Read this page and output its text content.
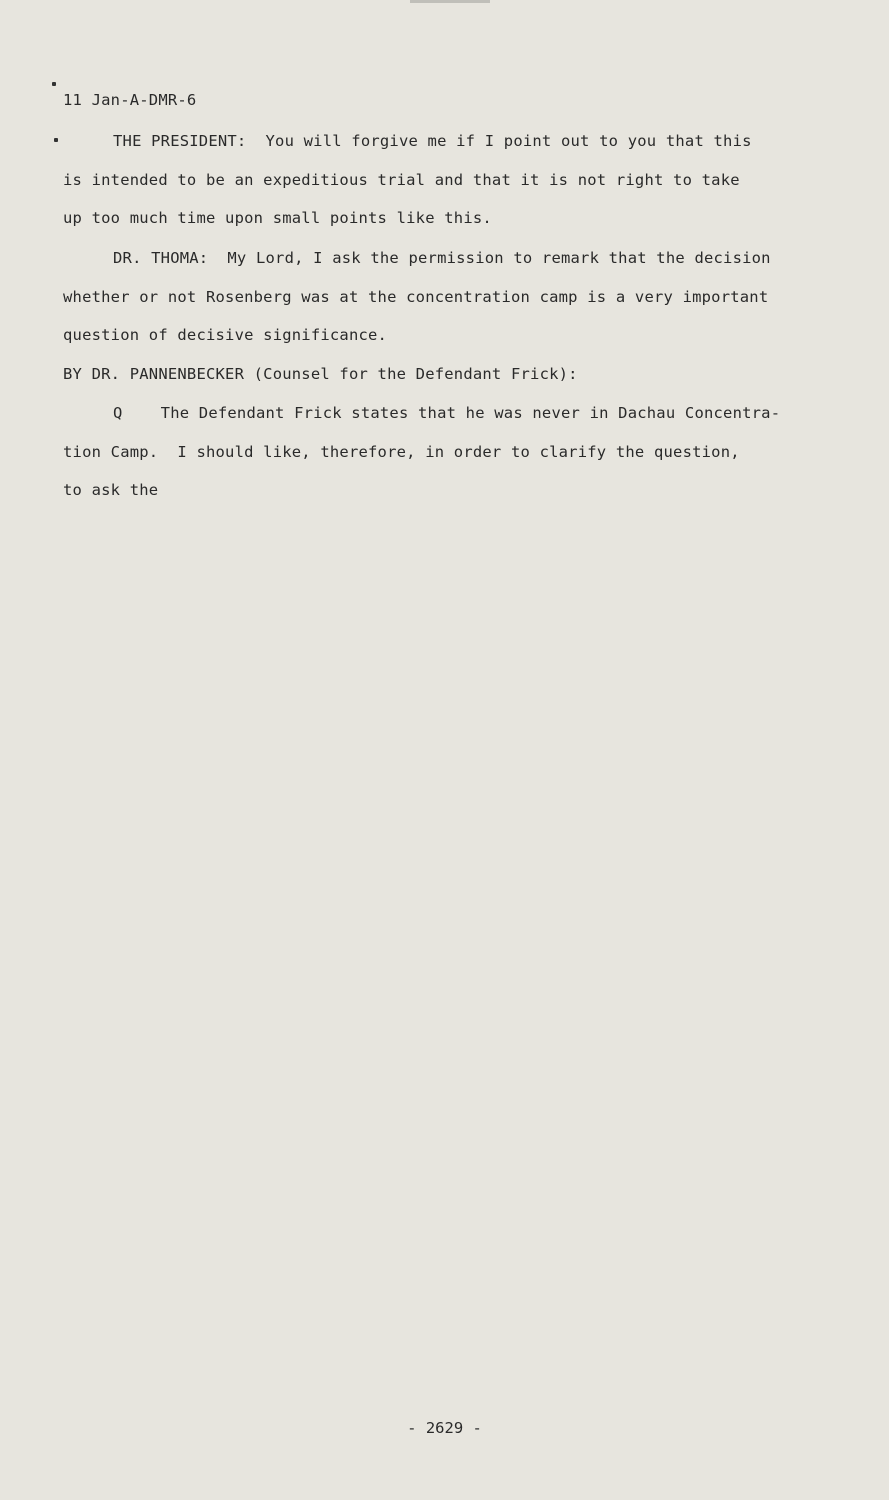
11 Jan-A-DMR-6
THE PRESIDENT:  You will forgive me if I point out to you that this
is intended to be an expeditious trial and that it is not right to take
up too much time upon small points like this.
DR. THOMA:  My Lord, I ask the permission to remark that the decision
whether or not Rosenberg was at the concentration camp is a very important
question of decisive significance.
BY DR. PANNENBECKER (Counsel for the Defendant Frick):
Q    The Defendant Frick states that he was never in Dachau Concentra-
tion Camp.  I should like, therefore, in order to clarify the question,
to ask the
- 2629 -
